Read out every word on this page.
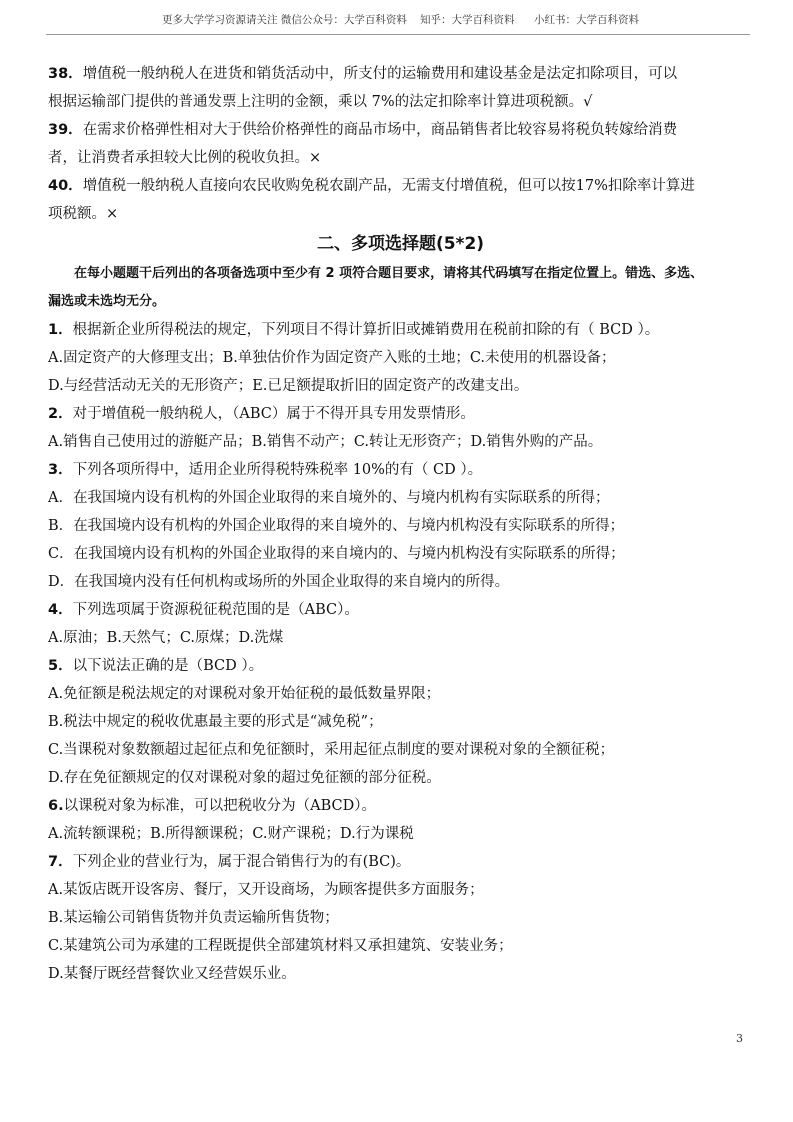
更多大学学习资源请关注 微信公众号：大学百科资料 知乎：大学百科资料 小红书：大学百科资料
38．增值税一般纳税人在进货和销货活动中，所支付的运输费用和建设基金是法定扣除项目，可以
根据运输部门提供的普通发票上注明的金额，乘以 7%的法定扣除率计算进项税额。√
39．在需求价格弹性相对大于供给价格弹性的商品市场中，商品销售者比较容易将税负转嫁给消费
者，让消费者承担较大比例的税收负担。×
40．增值税一般纳税人直接向农民收购免税农副产品，无需支付增值税，但可以按17%扣除率计算进
项税额。×
二、多项选择题(5*2)
在每小题题干后列出的各项备选项中至少有 2 项符合题目要求，请将其代码填写在指定位置上。错选、多选、
漏选或未选均无分。
1．根据新企业所得税法的规定，下列项目不得计算折旧或摊销费用在税前扣除的有（ BCD ）。
A.固定资产的大修理支出；B.单独估价作为固定资产入账的土地；C.未使用的机器设备；
D.与经营活动无关的无形资产；E.已足额提取折旧的固定资产的改建支出。
2．对于增值税一般纳税人，（ABC）属于不得开具专用发票情形。
A.销售自己使用过的游艇产品；B.销售不动产；C.转让无形资产；D.销售外购的产品。
3．下列各项所得中，适用企业所得税特殊税率 10%的有（ CD ）。
A．在我国境内设有机构的外国企业取得的来自境外的、与境内机构有实际联系的所得；
B．在我国境内设有机构的外国企业取得的来自境外的、与境内机构没有实际联系的所得；
C．在我国境内设有机构的外国企业取得的来自境内的、与境内机构没有实际联系的所得；
D．在我国境内没有任何机构或场所的外国企业取得的来自境内的所得。
4．下列选项属于资源税征税范围的是（ABC）。
A.原油；B.天然气；C.原煤；D.洗煤
5．以下说法正确的是（BCD ）。
A.免征额是税法规定的对课税对象开始征税的最低数量界限；
B.税法中规定的税收优惠最主要的形式是“减免税”；
C.当课税对象数额超过起征点和免征额时，采用起征点制度的要对课税对象的全额征税；
D.存在免征额规定的仅对课税对象的超过免征额的部分征税。
6.以课税对象为标准，可以把税收分为（ABCD）。
A.流转额课税；B.所得额课税；C.财产课税；D.行为课税
7．下列企业的营业行为，属于混合销售行为的有(BC)。
A.某饭店既开设客房、餐厅，又开设商场，为顾客提供多方面服务；
B.某运输公司销售货物并负责运输所售货物；
C.某建筑公司为承建的工程既提供全部建筑材料又承担建筑、安装业务；
D.某餐厅既经营餐饮业又经营娱乐业。
3
